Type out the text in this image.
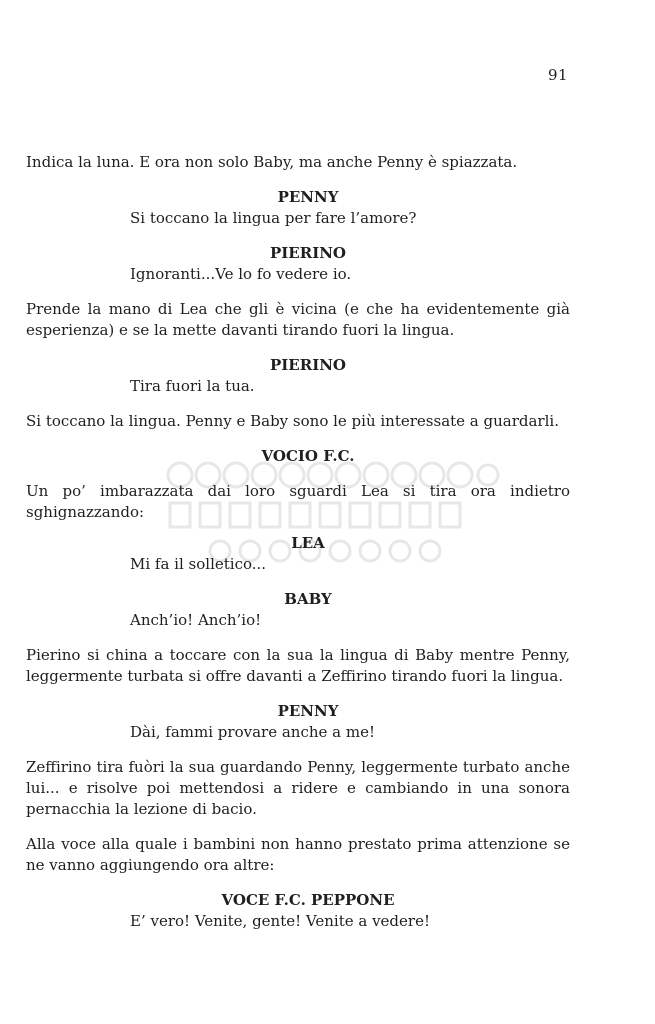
91

Indica la luna. E ora non solo Baby, ma anche Penny è spiazzata.

PENNY

Si toccano la lingua per fare l’amore?

PIERINO

Ignoranti...Ve lo fo vedere io.

Prende la mano di Lea che gli è vicina (e che ha evidentemente già esperienza) e se la mette davanti tirando fuori la lingua.

PIERINO

Tira fuori la tua.

Si toccano la lingua. Penny e Baby sono le più interessate a guardarli.

VOCIO F.C.

Un po’ imbarazzata dai loro sguardi Lea si tira ora indietro sghignazzando:

LEA

Mi fa il solletico...

BABY

Anch’io! Anch’io!

Pierino si china a toccare con la sua la lingua di Baby mentre Penny, leggermente turbata si offre davanti a Zeffirino tirando fuori la lingua.

PENNY

Dài, fammi provare anche a me!

Zeffirino tira fuòri la sua guardando Penny, leggermente turbato anche lui... e risolve poi mettendosi a ridere e cambiando in una sonora pernacchia la lezione di bacio.

Alla voce alla quale i bambini non hanno prestato prima attenzione se ne vanno aggiungendo ora altre:

VOCE F.C. PEPPONE

E’ vero! Venite, gente! Venite a vedere!
